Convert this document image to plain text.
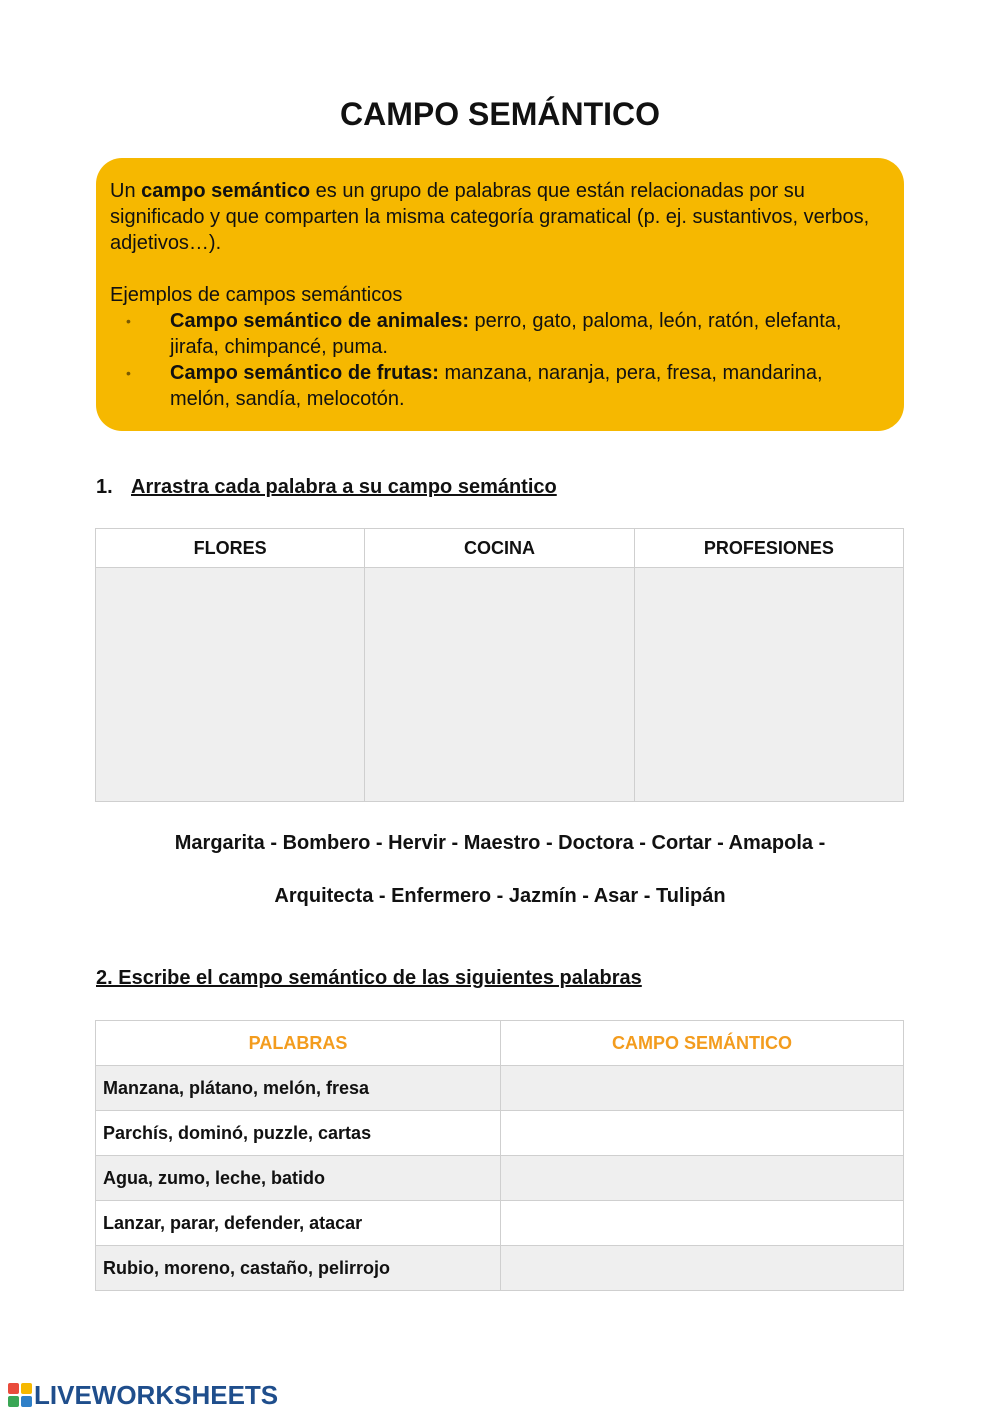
CAMPO SEMÁNTICO

Un campo semántico es un grupo de palabras que están relacionadas por su significado y que comparten la misma categoría gramatical (p. ej. sustantivos, verbos, adjetivos…).

Ejemplos de campos semánticos

• Campo semántico de animales: perro, gato, paloma, león, ratón, elefanta, jirafa, chimpancé, puma.
• Campo semántico de frutas: manzana, naranja, pera, fresa, mandarina, melón, sandía, melocotón.
1. Arrastra cada palabra a su campo semántico
FLORES	COCINA	PROFESIONES

Margarita - Bombero - Hervir - Maestro - Doctora - Cortar - Amapola -
Arquitecta - Enfermero - Jazmín - Asar - Tulipán
2. Escribe el campo semántico de las siguientes palabras
PALABRAS	CAMPO SEMÁNTICO
Manzana, plátano, melón, fresa	
Parchís, dominó, puzzle, cartas	
Agua, zumo, leche, batido	
Lanzar, parar, defender, atacar	
Rubio, moreno, castaño, pelirrojo	
LIVEWORKSHEETS
